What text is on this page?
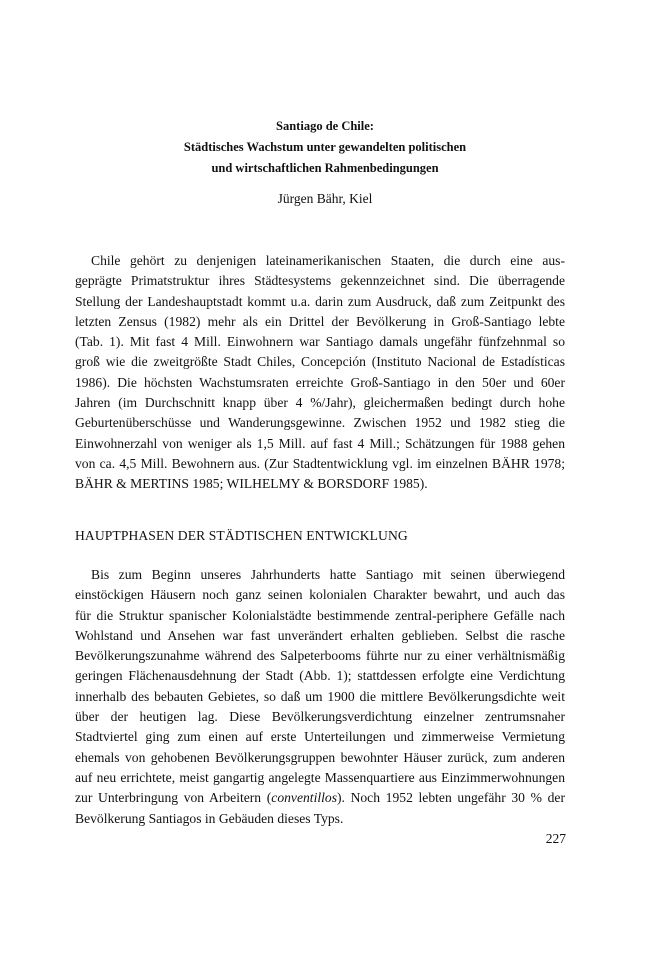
Santiago de Chile:
Städtisches Wachstum unter gewandelten politischen
und wirtschaftlichen Rahmenbedingungen
Jürgen Bähr, Kiel
Chile gehört zu denjenigen lateinamerikanischen Staaten, die durch eine aus-
geprägte Primatstruktur ihres Städtesystems gekennzeichnet sind. Die überragende
Stellung der Landeshauptstadt kommt u.a. darin zum Ausdruck, daß zum Zeitpunkt des
letzten Zensus (1982) mehr als ein Drittel der Bevölkerung in Groß-Santiago lebte
(Tab. 1). Mit fast 4 Mill. Einwohnern war Santiago damals ungefähr fünfzehnmal so
groß wie die zweitgrößte Stadt Chiles, Concepción (Instituto Nacional de Estadísticas
1986). Die höchsten Wachstumsraten erreichte Groß-Santiago in den 50er und 60er
Jahren (im Durchschnitt knapp über 4 %/Jahr), gleichermaßen bedingt durch hohe
Geburtenüberschüsse und Wanderungsgewinne. Zwischen 1952 und 1982 stieg die
Einwohnerzahl von weniger als 1,5 Mill. auf fast 4 Mill.; Schätzungen für 1988 gehen
von ca. 4,5 Mill. Bewohnern aus. (Zur Stadtentwicklung vgl. im einzelnen BÄHR 1978;
BÄHR & MERTINS 1985; WILHELMY & BORSDORF 1985).
HAUPTPHASEN DER STÄDTISCHEN ENTWICKLUNG
Bis zum Beginn unseres Jahrhunderts hatte Santiago mit seinen überwiegend
einstöckigen Häusern noch ganz seinen kolonialen Charakter bewahrt, und auch das
für die Struktur spanischer Kolonialstädte bestimmende zentral-periphere Gefälle nach
Wohlstand und Ansehen war fast unverändert erhalten geblieben. Selbst die rasche
Bevölkerungszunahme während des Salpeterbooms führte nur zu einer verhältnismäßig
geringen Flächenausdehnung der Stadt (Abb. 1); stattdessen erfolgte eine Verdichtung
innerhalb des bebauten Gebietes, so daß um 1900 die mittlere Bevölkerungsdichte weit
über der heutigen lag. Diese Bevölkerungsverdichtung einzelner zentrumsnaher
Stadtviertel ging zum einen auf erste Unterteilungen und zimmerweise Vermietung
ehemals von gehobenen Bevölkerungsgruppen bewohnter Häuser zurück, zum anderen
auf neu errichtete, meist gangartig angelegte Massenquartiere aus Einzimmerwohnungen
zur Unterbringung von Arbeitern (conventillos). Noch 1952 lebten ungefähr 30 % der
Bevölkerung Santiagos in Gebäuden dieses Typs.
227
